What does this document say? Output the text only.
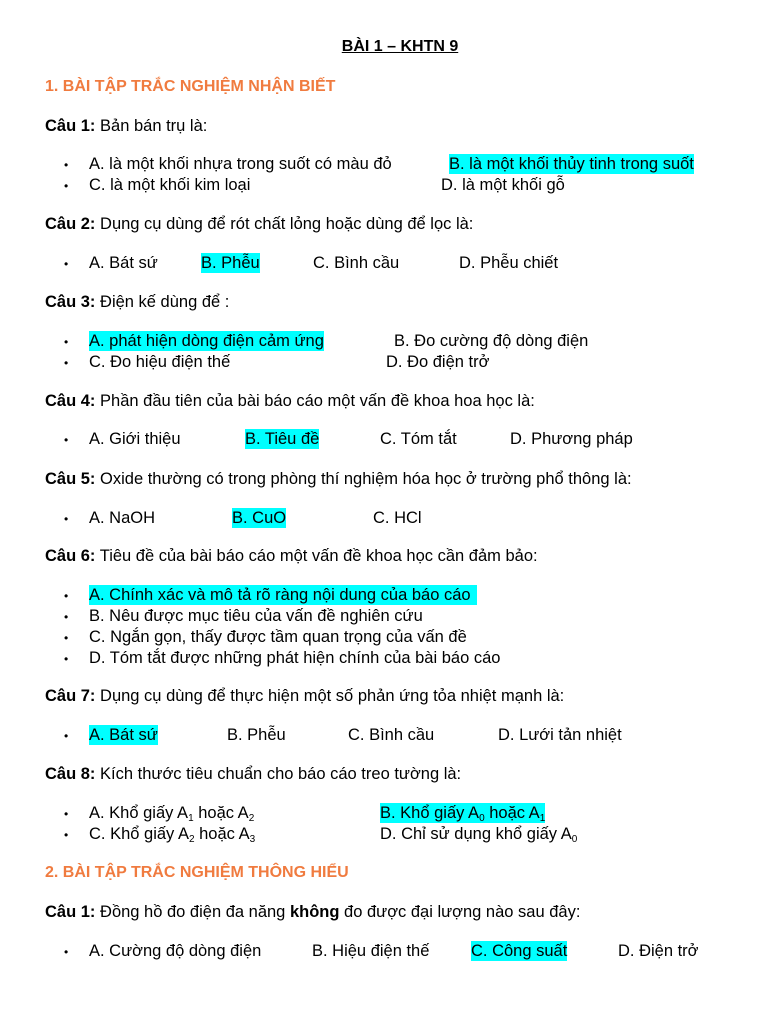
BÀI 1 – KHTN 9
1. BÀI TẬP TRẮC NGHIỆM NHẬN BIẾT
Câu 1: Bản bán trụ là:
• A. là một khối nhựa trong suốt có màu đỏ	B. là một khối thủy tinh trong suốt
• C. là một khối kim loại	D. là một khối gỗ
Câu 2: Dụng cụ dùng để rót chất lỏng hoặc dùng để lọc là:
• A. Bát sứ	B. Phễu	C. Bình cầu	D. Phễu chiết
Câu 3: Điện kế dùng để :
• A. phát hiện dòng điện cảm ứng	B. Đo cường độ dòng điện
• C. Đo hiệu điện thế	D. Đo điện trở
Câu 4: Phần đầu tiên của bài báo cáo một vấn đề khoa hoa học là:
• A. Giới thiệu	B. Tiêu đề	C. Tóm tắt	D. Phương pháp
Câu 5: Oxide thường có trong phòng thí nghiệm hóa học ở trường phổ thông là:
• A. NaOH	B. CuO	C. HCl
Câu 6: Tiêu đề của bài báo cáo một vấn đề khoa học cần đảm bảo:
• A. Chính xác và mô tả rõ ràng nội dung của báo cáo
• B. Nêu được mục tiêu của vấn đề nghiên cứu
• C. Ngắn gọn, thấy được tầm quan trọng của vấn đề
• D. Tóm tắt được những phát hiện chính của bài báo cáo
Câu 7: Dụng cụ dùng để thực hiện một số phản ứng tỏa nhiệt mạnh là:
• A. Bát sứ	B. Phễu	C. Bình cầu	D. Lưới tản nhiệt
Câu 8: Kích thước tiêu chuẩn cho báo cáo treo tường là:
• A. Khổ giấy $A_1$ hoặc $A_2$	B. Khổ giấy $A_0$ hoặc $A_1$
• C. Khổ giấy $A_2$ hoặc $A_3$	D. Chỉ sử dụng khổ giấy $A_0$
2. BÀI TẬP TRẮC NGHIỆM THÔNG HIỂU
Câu 1: Đồng hồ đo điện đa năng không đo được đại lượng nào sau đây:
• A. Cường độ dòng điện	B. Hiệu điện thế	C. Công suất	D. Điện trở
